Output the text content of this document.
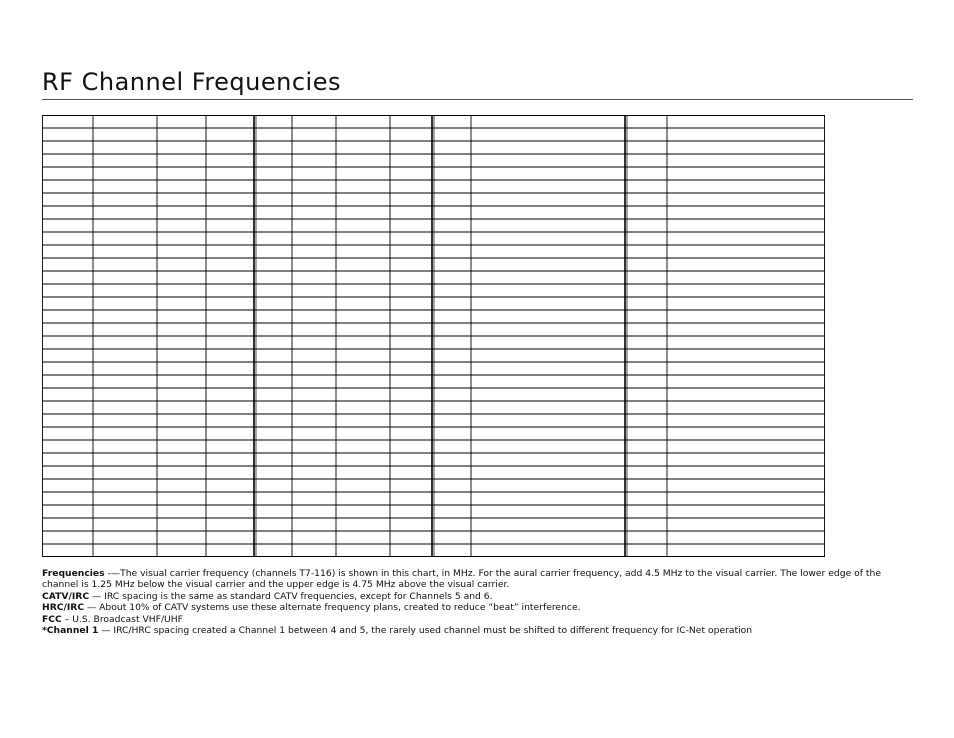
RF Channel Frequencies

Frequencies -—The visual carrier frequency (channels T7-116) is shown in this chart, in MHz. For the aural carrier frequency, add 4.5 MHz to the visual carrier. The lower edge of the channel is 1.25 MHz below the visual carrier and the upper edge is 4.75 MHz above the visual carrier.

CATV/IRC — IRC spacing is the same as standard CATV frequencies, except for Channels 5 and 6.

HRC/IRC — About 10% of CATV systems use these alternate frequency plans, created to reduce “beat” interference.

FCC – U.S. Broadcast VHF/UHF

*Channel 1 — IRC/HRC spacing created a Channel 1 between 4 and 5, the rarely used channel must be shifted to different frequency for IC-Net operation
